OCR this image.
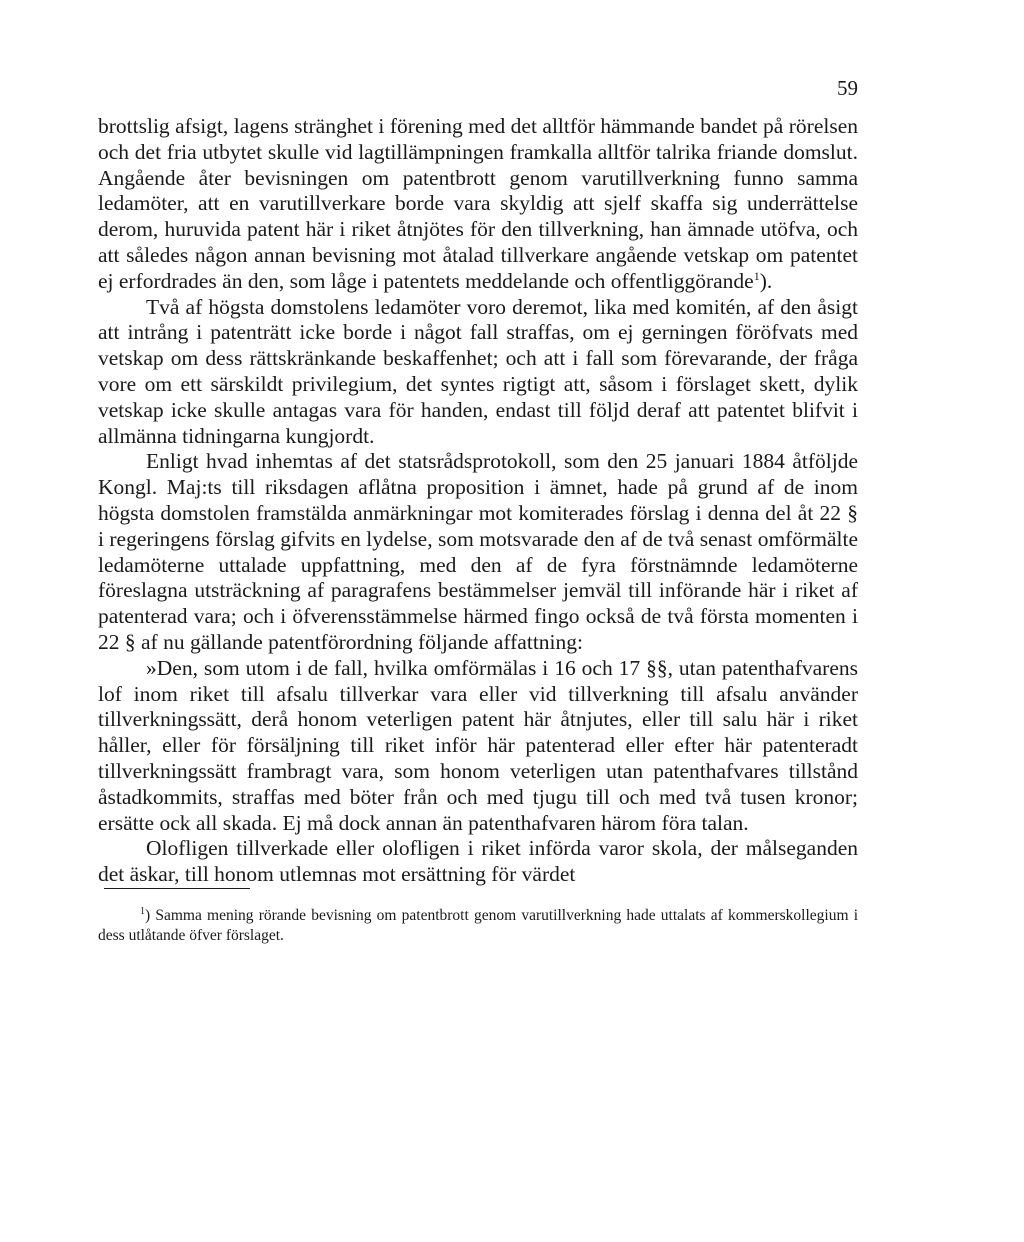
59

brottslig afsigt, lagens stränghet i förening med det alltför hämmande bandet på rörelsen och det fria utbytet skulle vid lagtillämpningen framkalla alltför talrika friande domslut. Angående åter bevisningen om patentbrott genom varutillverkning funno samma ledamöter, att en varutillverkare borde vara skyldig att sjelf skaffa sig underrättelse derom, huruvida patent här i riket åtnjötes för den tillverkning, han ämnade utöfva, och att således någon annan bevisning mot åtalad tillverkare angående vetskap om patentet ej erfordrades än den, som låge i patentets meddelande och offentliggörande$^1$).

Två af högsta domstolens ledamöter voro deremot, lika med komitén, af den åsigt att intrång i patenträtt icke borde i något fall straffas, om ej gerningen föröfvats med vetskap om dess rättskränkande beskaffenhet; och att i fall som förevarande, der fråga vore om ett särskildt privilegium, det syntes rigtigt att, såsom i förslaget skett, dylik vetskap icke skulle antagas vara för handen, endast till följd deraf att patentet blifvit i allmänna tidningarna kungjordt.

Enligt hvad inhemtas af det statsrådsprotokoll, som den 25 januari 1884 åtföljde Kongl. Maj:ts till riksdagen aflåtna proposition i ämnet, hade på grund af de inom högsta domstolen framstälda anmärkningar mot komiterades förslag i denna del åt 22 § i regeringens förslag gifvits en lydelse, som motsvarade den af de två senast omförmälte ledamöterne uttalade uppfattning, med den af de fyra förstnämnde ledamöterne föreslagna utsträckning af paragrafens bestämmelser jemväl till införande här i riket af patenterad vara; och i öfverensstämmelse härmed fingo också de två första momenten i 22 § af nu gällande patentförordning följande affattning:

»Den, som utom i de fall, hvilka omförmälas i 16 och 17 §§, utan patenthafvarens lof inom riket till afsalu tillverkar vara eller vid tillverkning till afsalu använder tillverkningssätt, derå honom veterligen patent här åtnjutes, eller till salu här i riket håller, eller för försäljning till riket inför här patenterad eller efter här patenteradt tillverkningssätt frambragt vara, som honom veterligen utan patenthafvares tillstånd åstadkommits, straffas med böter från och med tjugu till och med två tusen kronor; ersätte ock all skada. Ej må dock annan än patenthafvaren härom föra talan.

Olofligen tillverkade eller olofligen i riket införda varor skola, der målseganden det äskar, till honom utlemnas mot ersättning för värdet

$^1$) Samma mening rörande bevisning om patentbrott genom varutillverkning hade uttalats af kommerskollegium i dess utlåtande öfver förslaget.
